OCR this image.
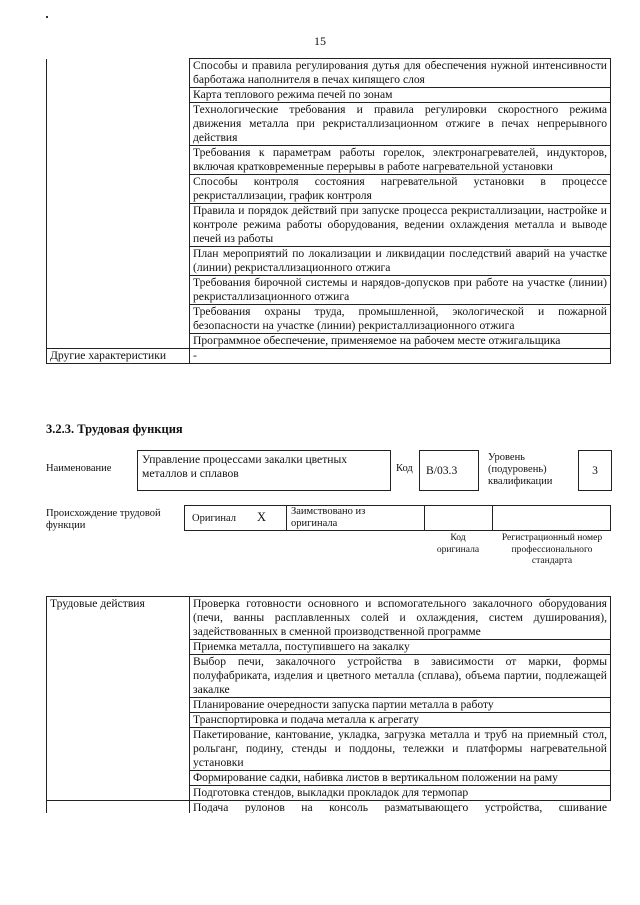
15
	Способы и правила регулирования дутья для обеспечения нужной интенсивности барботажа наполнителя в печах кипящего слоя
	Карта теплового режима печей по зонам
	Технологические требования и правила регулировки скоростного режима движения металла при рекристаллизационном отжиге в печах непрерывного действия
	Требования к параметрам работы горелок, электронагревателей, индукторов, включая кратковременные перерывы в работе нагревательной установки
	Способы контроля состояния нагревательной установки в процессе рекристаллизации, график контроля
	Правила и порядок действий при запуске процесса рекристаллизации, настройке и контроле режима работы оборудования, ведении охлаждения металла и выводе печей из работы
	План мероприятий по локализации и ликвидации последствий аварий на участке (линии) рекристаллизационного отжига
	Требования бирочной системы и нарядов-допусков при работе на участке (линии) рекристаллизационного отжига
	Требования охраны труда, промышленной, экологической и пожарной безопасности на участке (линии) рекристаллизационного отжига
	Программное обеспечение, применяемое на рабочем месте отжигальщика
Другие характеристики	-
3.2.3. Трудовая функция
Наименование
Управление процессами закалки цветных металлов и сплавов	Код	B/03.3
Уровень (подуровень) квалификации
3
Происхождение трудовой функции
Оригинал X Заимствовано из оригинала
Код оригинала
Регистрационный номер профессионального стандарта
Трудовые действия	Проверка готовности основного и вспомогательного закалочного оборудования (печи, ванны расплавленных солей и охлаждения, систем душирования), задействованных в сменной производственной программе
Приемка металла, поступившего на закалку
Выбор печи, закалочного устройства в зависимости от марки, формы полуфабриката, изделия и цветного металла (сплава), объема партии, подлежащей закалке
Планирование очередности запуска партии металла в работу
Транспортировка и подача металла к агрегату
Пакетирование, кантование, укладка, загрузка металла и труб на приемный стол, рольганг, подину, стенды и поддоны, тележки и платформы нагревательной установки
Формирование садки, набивка листов в вертикальном положении на раму
Подготовка стендов, выкладки прокладок для термопар
	Подача рулонов на консоль разматывающего устройства, сшивание
